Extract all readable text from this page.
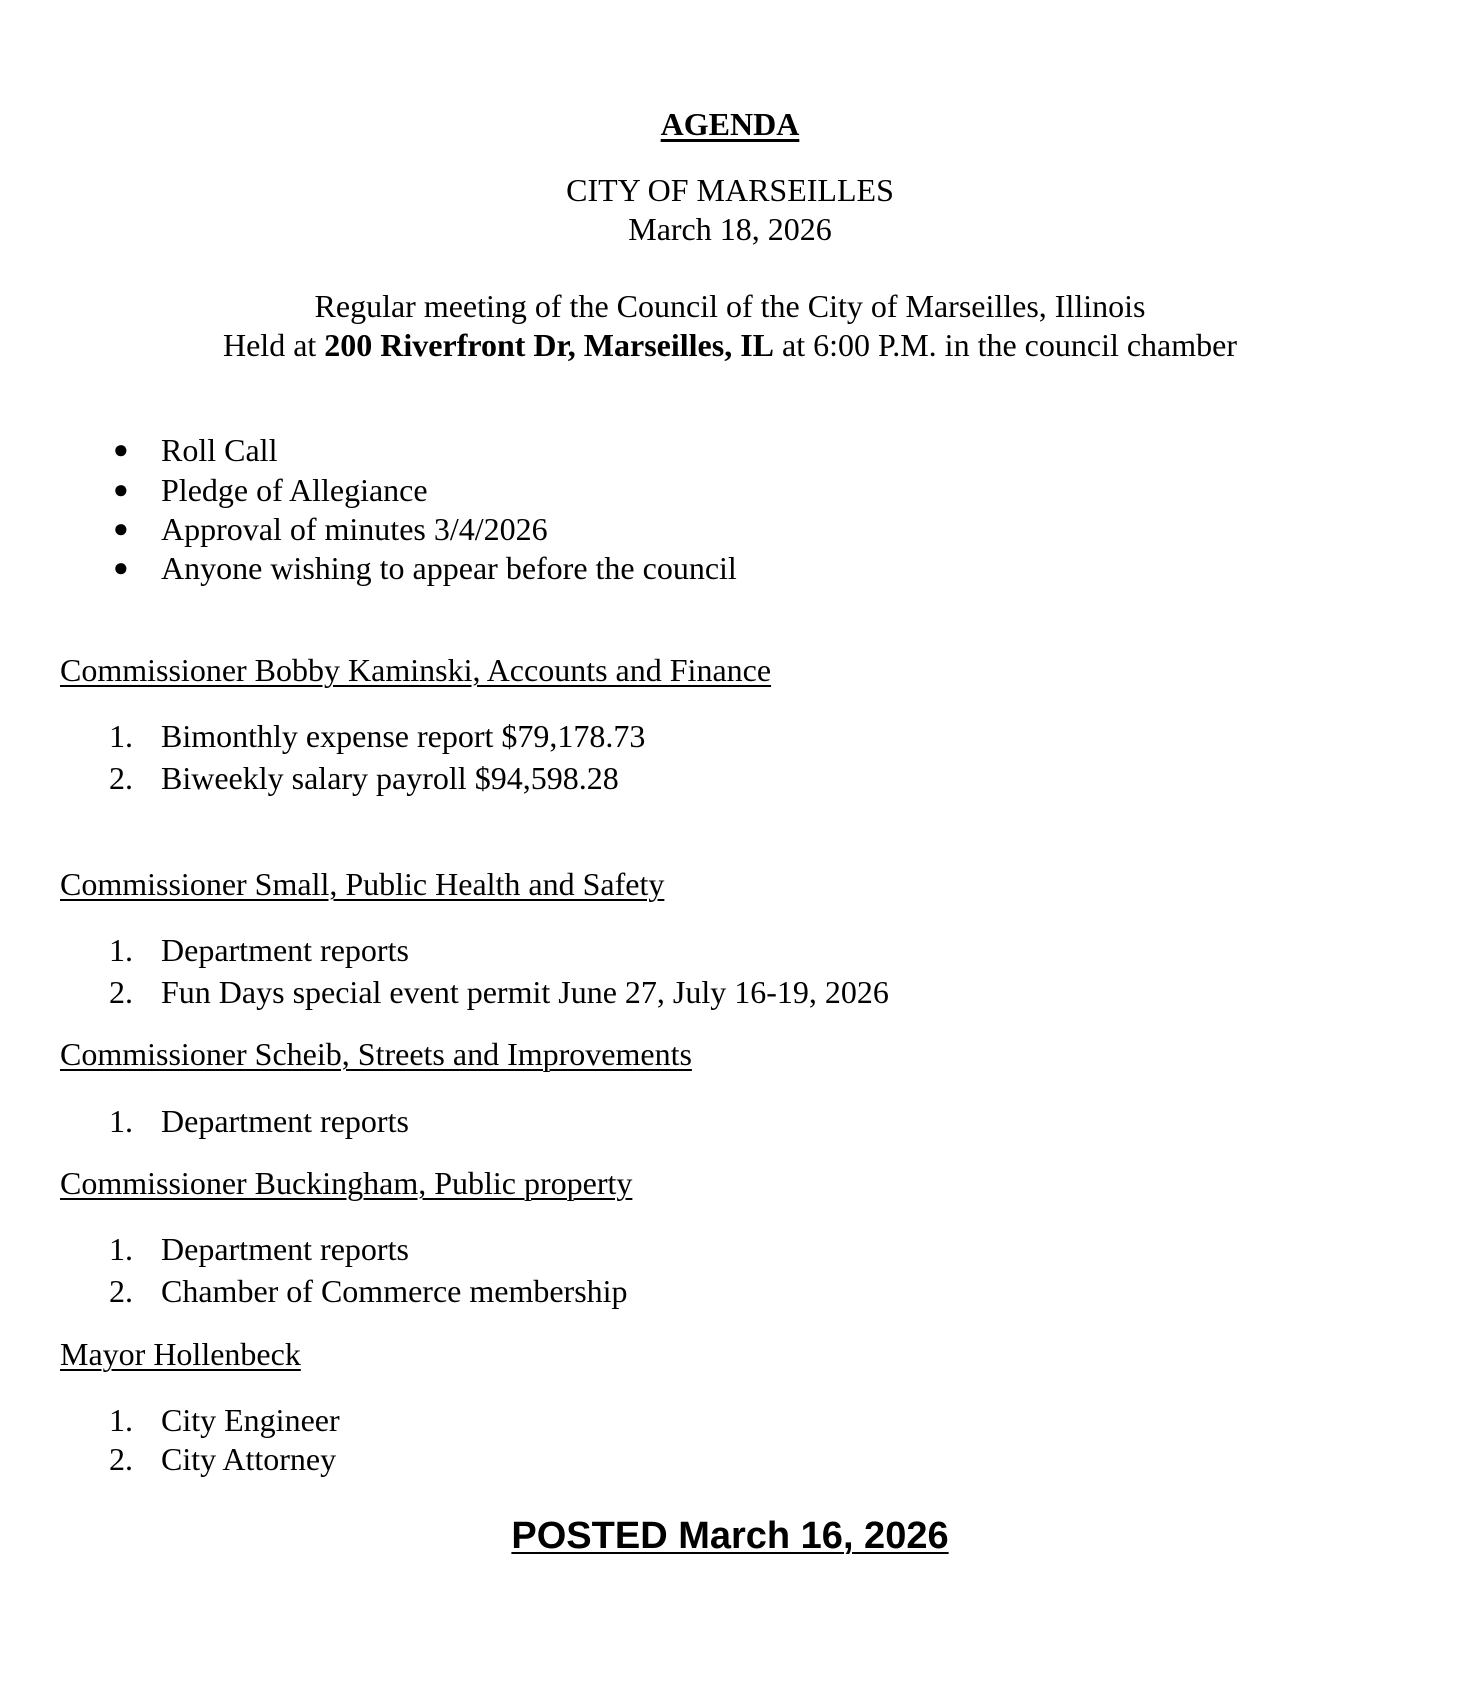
AGENDA
CITY OF MARSEILLES
March 18, 2026
Regular meeting of the Council of the City of Marseilles, Illinois
Held at 200 Riverfront Dr, Marseilles, IL at 6:00 P.M. in the council chamber
● Roll Call
● Pledge of Allegiance
● Approval of minutes 3/4/2026
● Anyone wishing to appear before the council
Commissioner Bobby Kaminski, Accounts and Finance
1. Bimonthly expense report $79,178.73
2. Biweekly salary payroll $94,598.28
Commissioner Small, Public Health and Safety
1. Department reports
2. Fun Days special event permit June 27, July 16-19, 2026
Commissioner Scheib, Streets and Improvements
1. Department reports
Commissioner Buckingham, Public property
1. Department reports
2. Chamber of Commerce membership
Mayor Hollenbeck
1. City Engineer
2. City Attorney
POSTED March 16, 2026
